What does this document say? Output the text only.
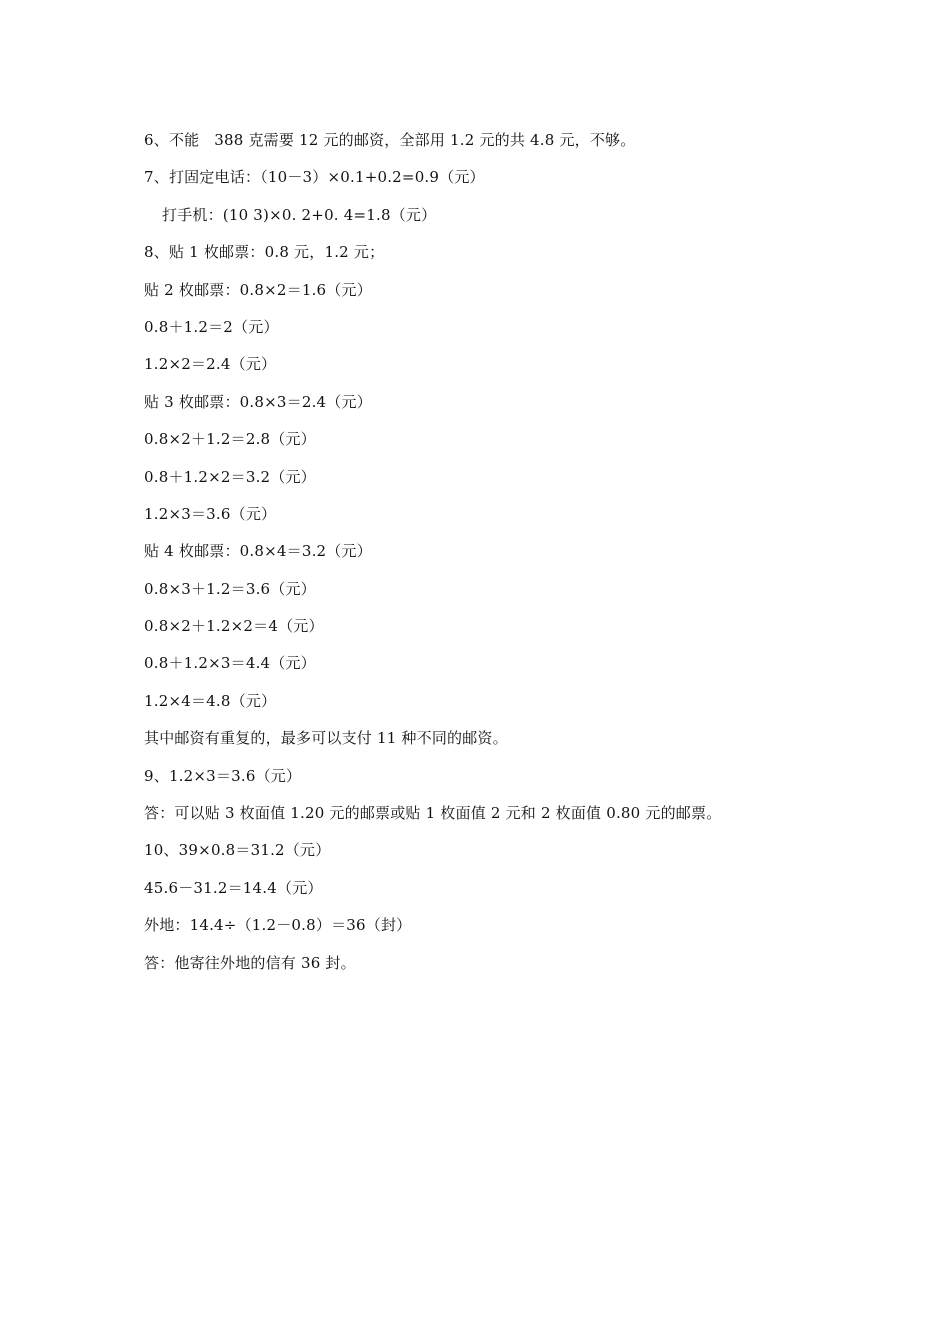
6、不能   388 克需要 12 元的邮资，全部用 1.2 元的共 4.8 元，不够。
7、打固定电话：（10－3）×0.1+0.2=0.9（元）
打手机：(10 3)×0. 2+0. 4=1.8（元）
8、贴 1 枚邮票：0.8 元，1.2 元；
贴 2 枚邮票：0.8×2＝1.6（元）
0.8＋1.2＝2（元）
1.2×2＝2.4（元）
贴 3 枚邮票：0.8×3＝2.4（元）
0.8×2＋1.2＝2.8（元）
0.8＋1.2×2＝3.2（元）
1.2×3＝3.6（元）
贴 4 枚邮票：0.8×4＝3.2（元）
0.8×3＋1.2＝3.6（元）
0.8×2＋1.2×2＝4（元）
0.8＋1.2×3＝4.4（元）
1.2×4＝4.8（元）
其中邮资有重复的，最多可以支付 11 种不同的邮资。
9、1.2×3＝3.6（元）
答：可以贴 3 枚面值 1.20 元的邮票或贴 1 枚面值 2 元和 2 枚面值 0.80 元的邮票。
10、39×0.8＝31.2（元）
45.6－31.2＝14.4（元）
外地：14.4÷（1.2－0.8）＝36（封）
答：他寄往外地的信有 36 封。
